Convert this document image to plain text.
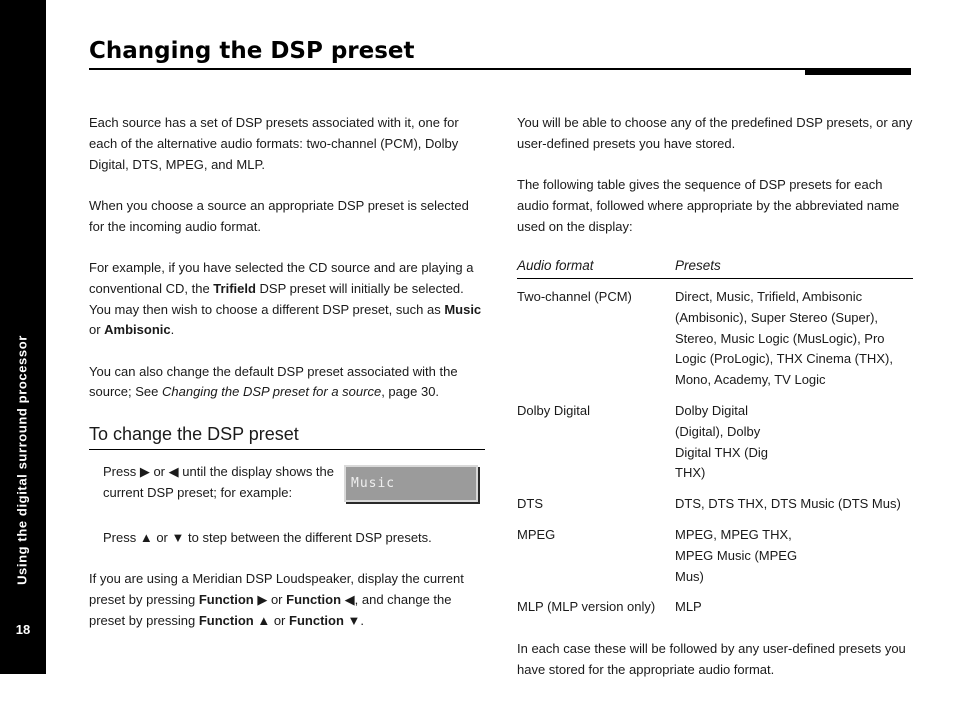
Using the digital surround processor
18
Changing the DSP preset

Each source has a set of DSP presets associated with it, one for each of the alternative audio formats: two-channel (PCM), Dolby Digital, DTS, MPEG, and MLP.

When you choose a source an appropriate DSP preset is selected for the incoming audio format.

For example, if you have selected the CD source and are playing a conventional CD, the Trifield DSP preset will initially be selected. You may then wish to choose a different DSP preset, such as Music or Ambisonic.

You can also change the default DSP preset associated with the source; See Changing the DSP preset for a source, page 30.

To change the DSP preset

Press ▶ or ◀ until the display shows the current DSP preset; for example:

Music

Press ▲ or ▼ to step between the different DSP presets.

If you are using a Meridian DSP Loudspeaker, display the current preset by pressing Function ▶ or Function ◀, and change the preset by pressing Function ▲ or Function ▼.

You will be able to choose any of the predefined DSP presets, or any user-defined presets you have stored.

The following table gives the sequence of DSP presets for each audio format, followed where appropriate by the abbreviated name used on the display:

Audio format	Presets
Two-channel (PCM)	Direct, Music, Trifield, Ambisonic (Ambisonic), Super Stereo (Super), Stereo, Music Logic (MusLogic), Pro Logic (ProLogic), THX Cinema (THX), Mono, Academy, TV Logic
Dolby Digital	Dolby Digital (Digital), Dolby Digital THX (Dig THX)
DTS	DTS, DTS THX, DTS Music (DTS Mus)
MPEG	MPEG, MPEG THX, MPEG Music (MPEG Mus)
MLP (MLP version only)	MLP

In each case these will be followed by any user-defined presets you have stored for the appropriate audio format.
